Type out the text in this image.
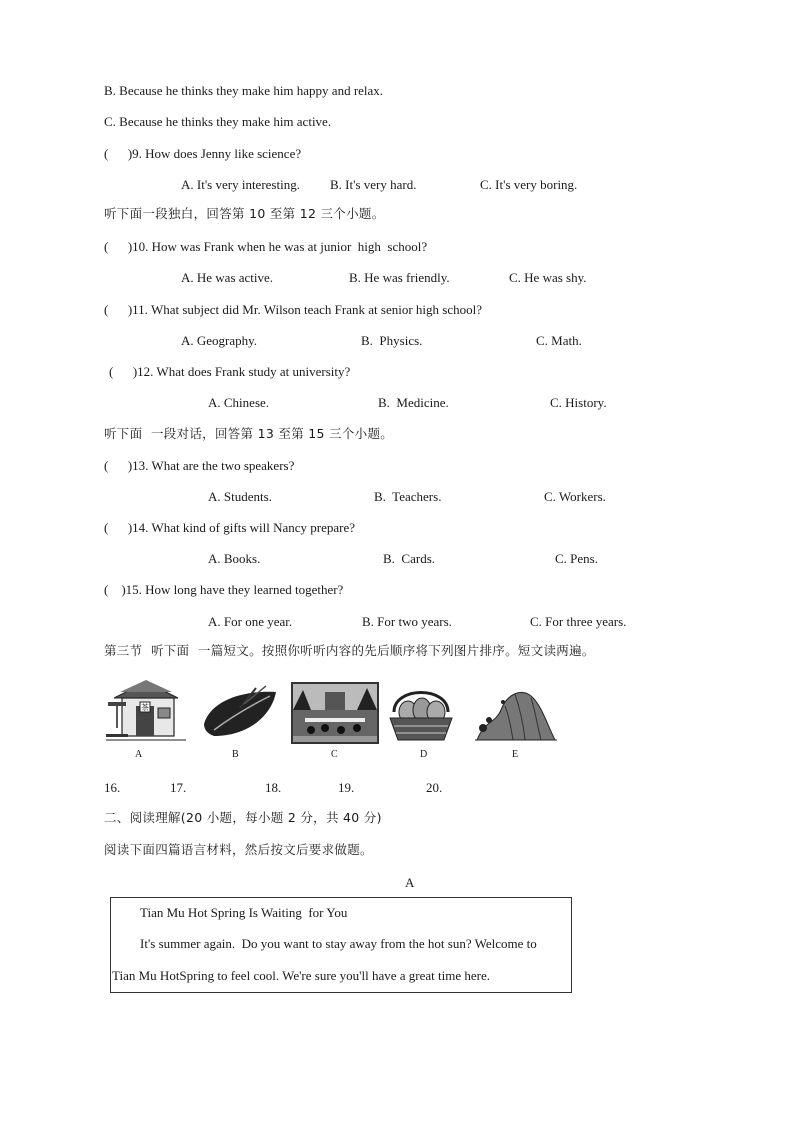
B. Because he thinks they make him happy and relax.
C. Because he thinks they make him active.
(      )9. How does Jenny like science?
A. It's very interesting. B. It's very hard.	C. It's very boring.
听下面一段独白，回答第 10 至第 12 三个小题。
(      )10. How was Frank when he was at junior  high  school?
A. He was active.	B. He was friendly.	C. He was shy.
(      )11. What subject did Mr. Wilson teach Frank at senior high school?
A. Geography.	B.  Physics.	C. Math.
(      )12. What does Frank study at university?
A. Chinese.	B.  Medicine.	C. History.
听下面  一段对话，回答第 13 至第 15 三个小题。
(      )13. What are the two speakers?
A. Students.	B.  Teachers.	C. Workers.
(      )14. What kind of gifts will Nancy prepare?
A. Books.	B.  Cards.	C. Pens.
(    )15. How long have they learned together?
A. For one year.	B. For two years.	C. For three years.
第三节  听下面  一篇短文。按照你听听内容的先后顺序将下列图片排序。短文读两遍。
茶
A	B	C	D	E
16.	17.	18.	19.	20.
二、阅读理解(20 小题，每小题 2 分，共 40 分)
阅读下面四篇语言材料，然后按文后要求做题。
A
Tian Mu Hot Spring Is Waiting  for You
It's summer again.  Do you want to stay away from the hot sun? Welcome to
Tian Mu HotSpring to feel cool. We're sure you'll have a great time here.
